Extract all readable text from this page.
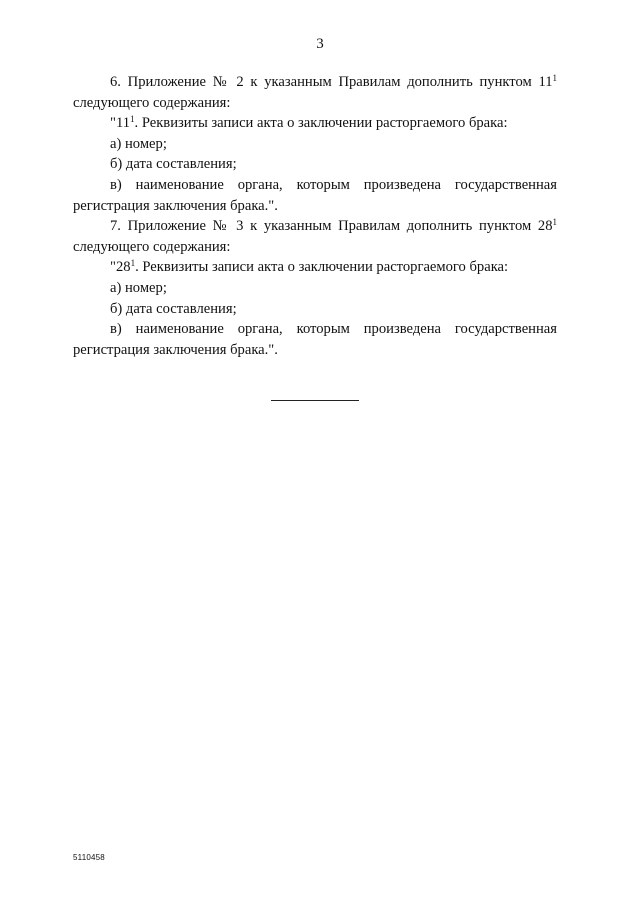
3

6. Приложение № 2 к указанным Правилам дополнить пунктом $11^1$ следующего содержания:

"$11^1$. Реквизиты записи акта о заключении расторгаемого брака:

а) номер;

б) дата составления;

в) наименование органа, которым произведена государственная регистрация заключения брака.".

7. Приложение № 3 к указанным Правилам дополнить пунктом $28^1$ следующего содержания:

"$28^1$. Реквизиты записи акта о заключении расторгаемого брака:

а) номер;

б) дата составления;

в) наименование органа, которым произведена государственная регистрация заключения брака.".

5110458
